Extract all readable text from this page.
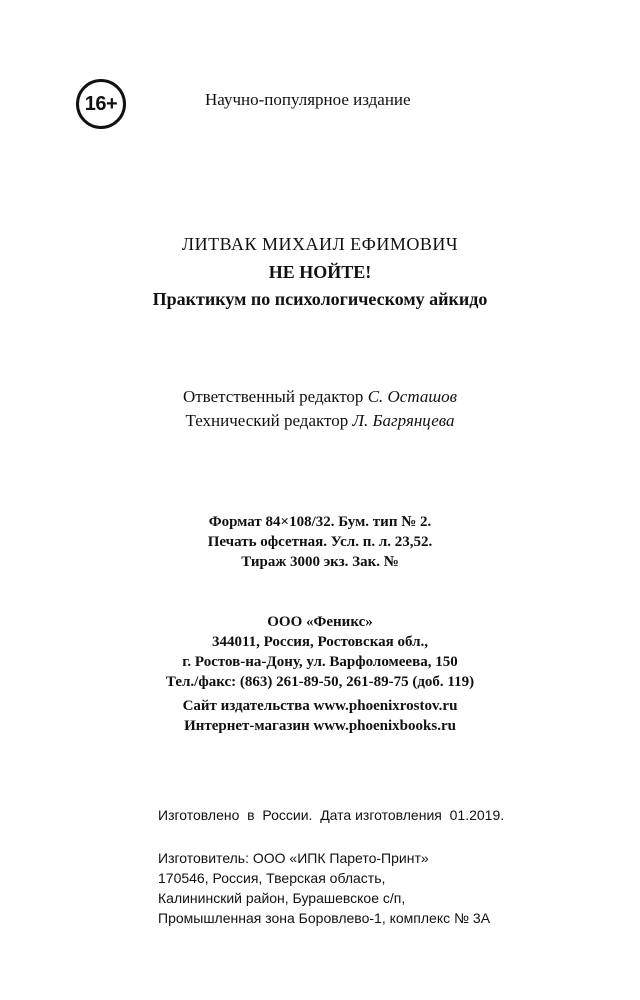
16+	Научно-популярное издание
ЛИТВАК МИХАИЛ ЕФИМОВИЧ
НЕ НОЙТЕ!
Практикум по психологическому айкидо
Ответственный редактор С. Осташов
Технический редактор Л. Багрянцева
Формат 84×108/32. Бум. тип № 2.
Печать офсетная. Усл. п. л. 23,52.
Тираж 3000 экз. Зак. №
ООО «Феникс»
344011, Россия, Ростовская обл.,
г. Ростов-на-Дону, ул. Варфоломеева, 150
Тел./факс: (863) 261-89-50, 261-89-75 (доб. 119)
Сайт издательства www.phoenixrostov.ru
Интернет-магазин www.phoenixbooks.ru
Изготовлено  в  России.  Дата изготовления  01.2019.
Изготовитель: ООО «ИПК Парето-Принт»
170546, Россия, Тверская область,
Калининский район, Бурашевское с/п,
Промышленная зона Боровлево-1, комплекс № 3А
